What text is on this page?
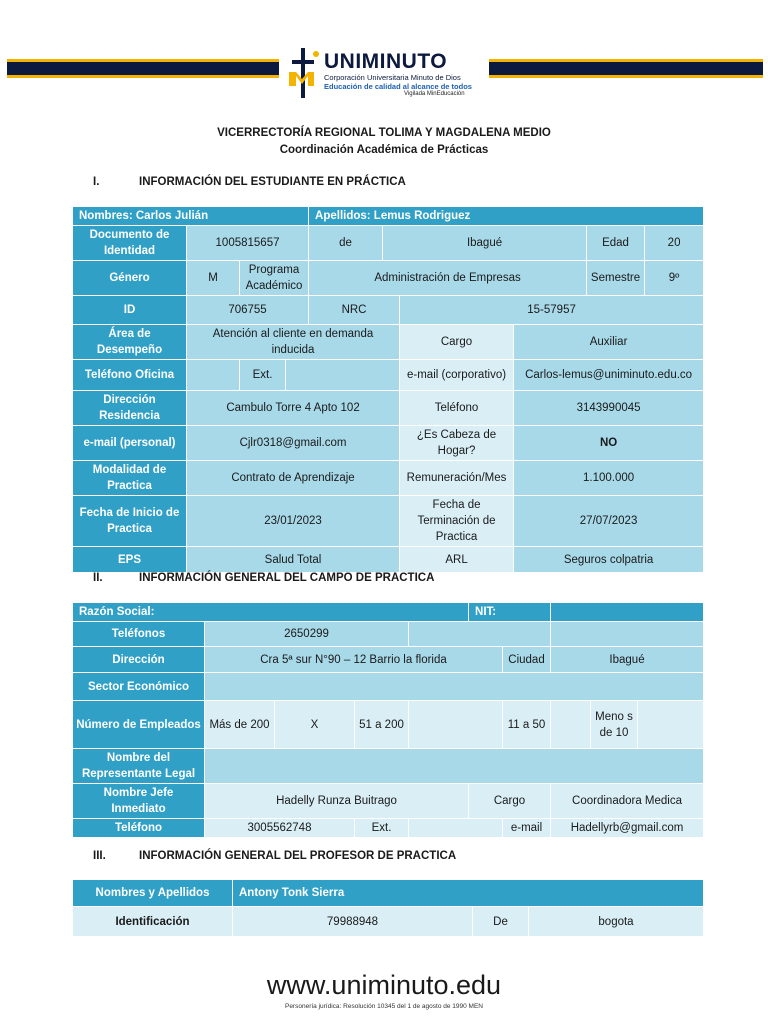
UNIMINUTO
Corporación Universitaria Minuto de Dios
Educación de calidad al alcance de todos
Vigilada MinEducación
VICERRECTORÍA REGIONAL TOLIMA Y MAGDALENA MEDIO
Coordinación Académica de Prácticas
I.	INFORMACIÓN DEL ESTUDIANTE EN PRÁCTICA
Nombres: Carlos Julián				Apellidos: Lemus Rodriguez					
Documento de Identidad	1005815657			de	Ibagué			Edad	20
Género	M	Programa Académico		Administración de Empresas				Semestre	9º
ID	706755			NRC		15-57957			
Área de Desempeño	Atención al cliente en demanda inducida					Cargo	Auxiliar		
Teléfono Oficina		Ext.				e-mail (corporativo)	Carlos-lemus@uniminuto.edu.co		
Dirección Residencia	Cambulo Torre 4 Apto 102					Teléfono	3143990045		
e-mail (personal)	Cjlr0318@gmail.com					¿Es Cabeza de Hogar?	NO		
Modalidad de Practica	Contrato de Aprendizaje					Remuneración/Mes	1.100.000		
Fecha de Inicio de Practica	23/01/2023					Fecha de Terminación de Practica	27/07/2023		
EPS	Salud Total					ARL	Seguros colpatria		
II.	INFORMACIÓN GENERAL DEL CAMPO DE PRACTICA
Razón Social:					NIT:				
Teléfonos	2650299								
Dirección	Cra 5ª sur N°90 – 12 Barrio la florida					Ciudad	Ibagué		
Sector Económico									
Número de Empleados	Más de 200	X	51 a 200			11 a 50		Meno s de 10	
Nombre del Representante Legal									
Nombre Jefe Inmediato	Hadelly Runza Buitrago				Cargo		Coordinadora Medica		
Teléfono	3005562748		Ext.			e-mail	Hadellyrb@gmail.com		
III.	INFORMACIÓN GENERAL DEL PROFESOR DE PRACTICA
Nombres y Apellidos	Antony Tonk Sierra		
Identificación	79988948	De	bogota
www.uniminuto.edu
Personería jurídica: Resolución 10345 del 1 de agosto de 1990 MEN
